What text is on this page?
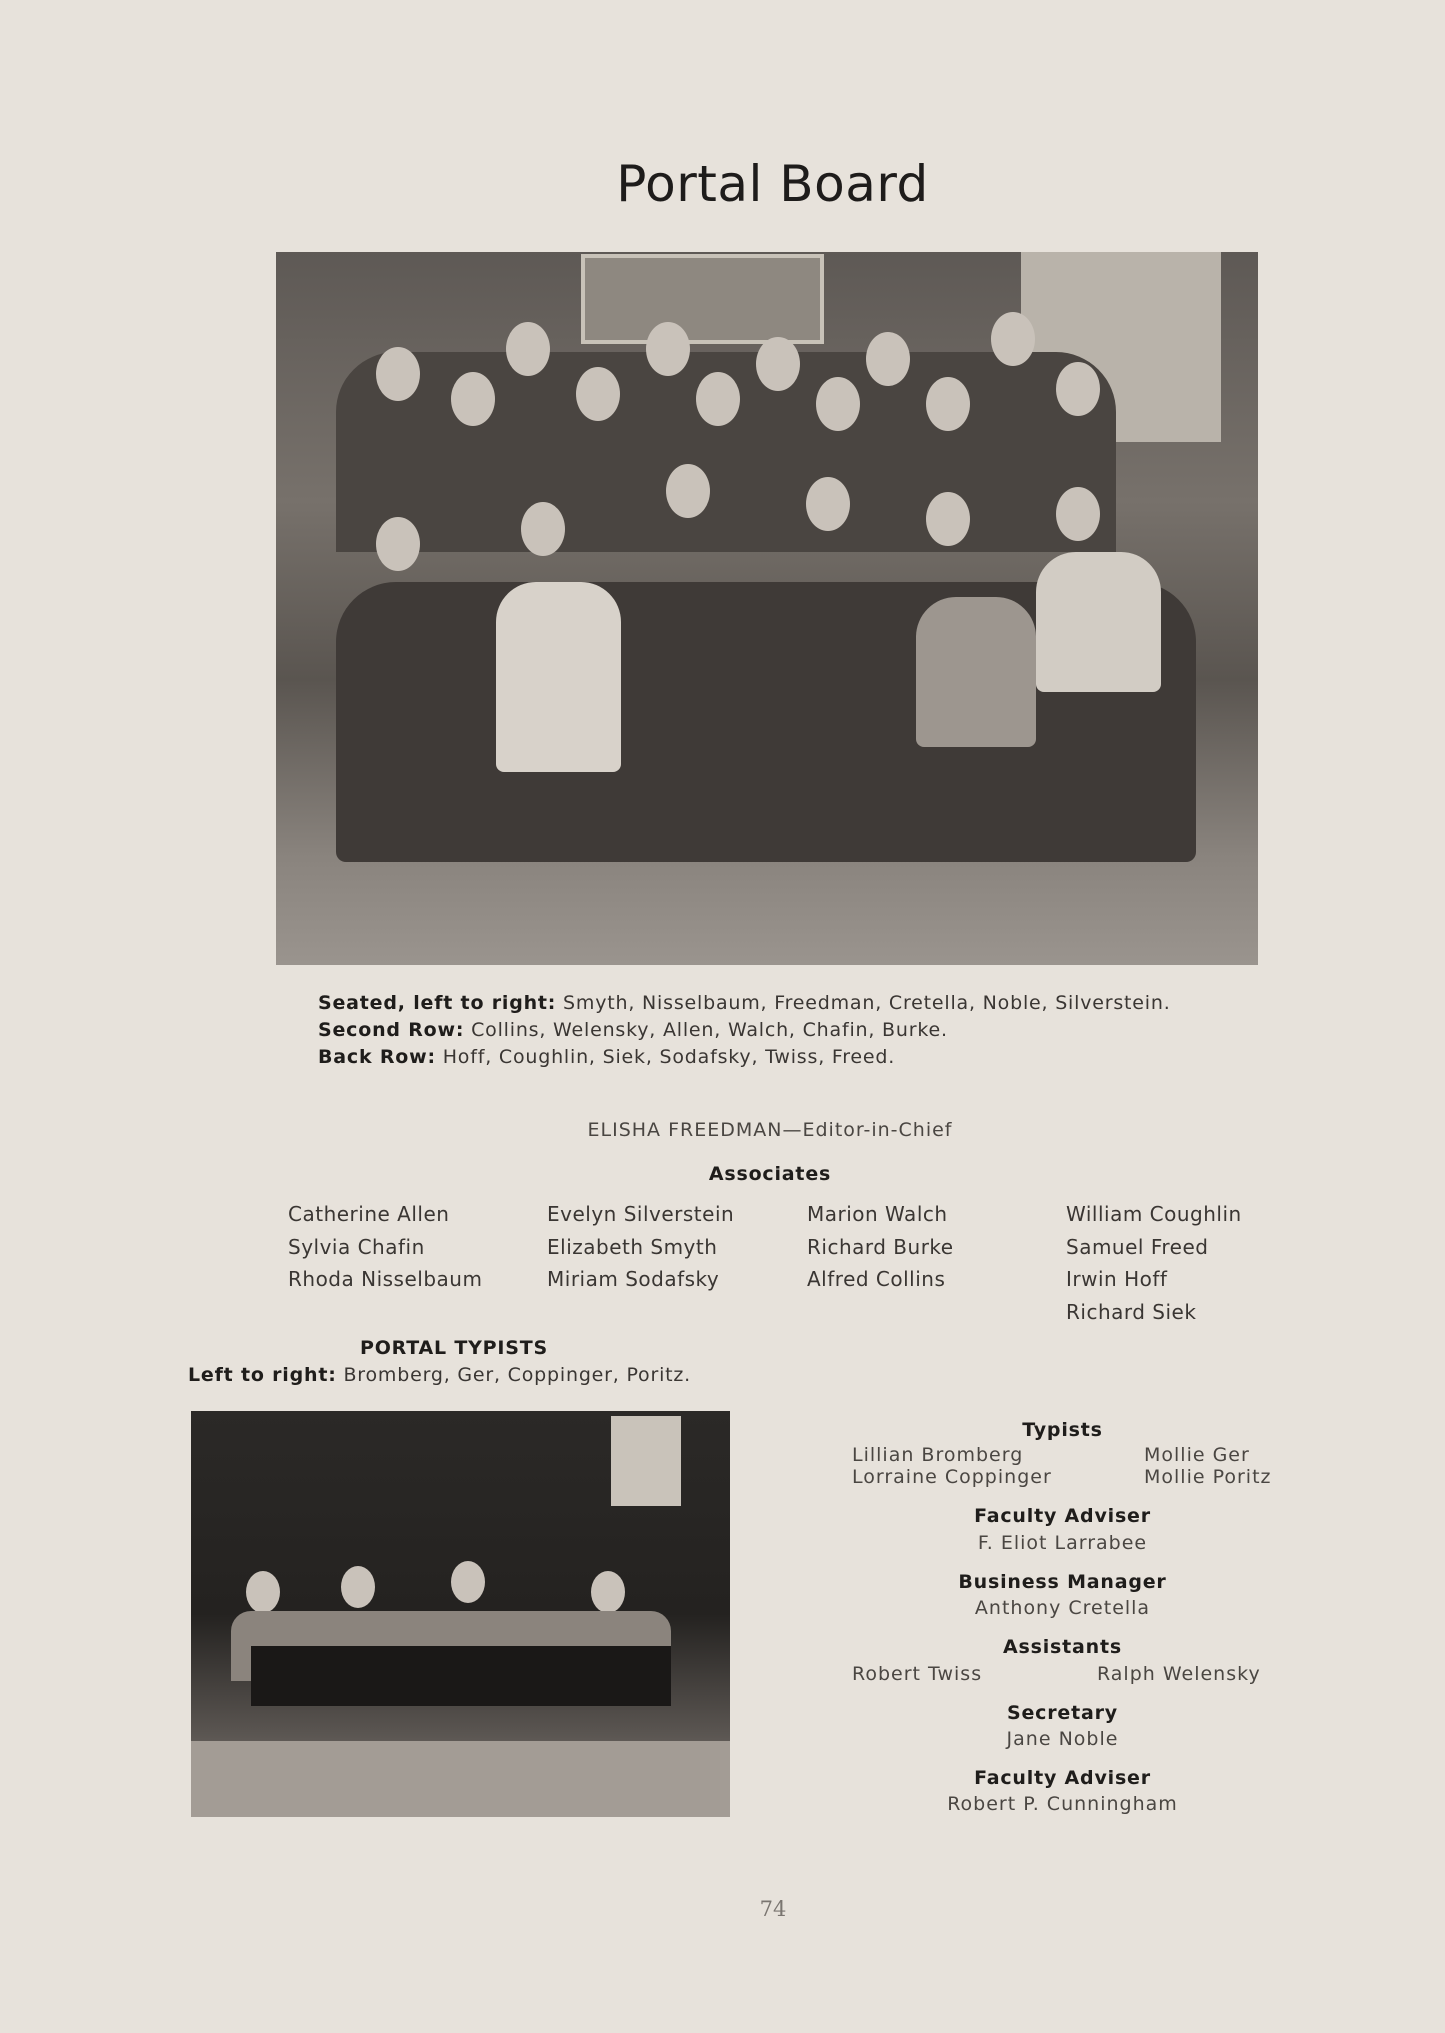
Portal Board
Seated, left to right: Smyth, Nisselbaum, Freedman, Cretella, Noble, Silverstein.
Second Row: Collins, Welensky, Allen, Walch, Chafin, Burke.
Back Row: Hoff, Coughlin, Siek, Sodafsky, Twiss, Freed.
ELISHA FREEDMAN—Editor-in-Chief
Associates
Catherine Allen
Sylvia Chafin
Rhoda Nisselbaum
Evelyn Silverstein
Elizabeth Smyth
Miriam Sodafsky
Marion Walch
Richard Burke
Alfred Collins
William Coughlin
Samuel Freed
Irwin Hoff
Richard Siek
PORTAL TYPISTS
Left to right: Bromberg, Ger, Coppinger, Poritz.
Typists
Lillian Bromberg
Lorraine Coppinger
Mollie Ger
Mollie Poritz
Faculty Adviser
F. Eliot Larrabee
Business Manager
Anthony Cretella
Assistants
Robert Twiss	Ralph Welensky
Secretary
Jane Noble
Faculty Adviser
Robert P. Cunningham
74
